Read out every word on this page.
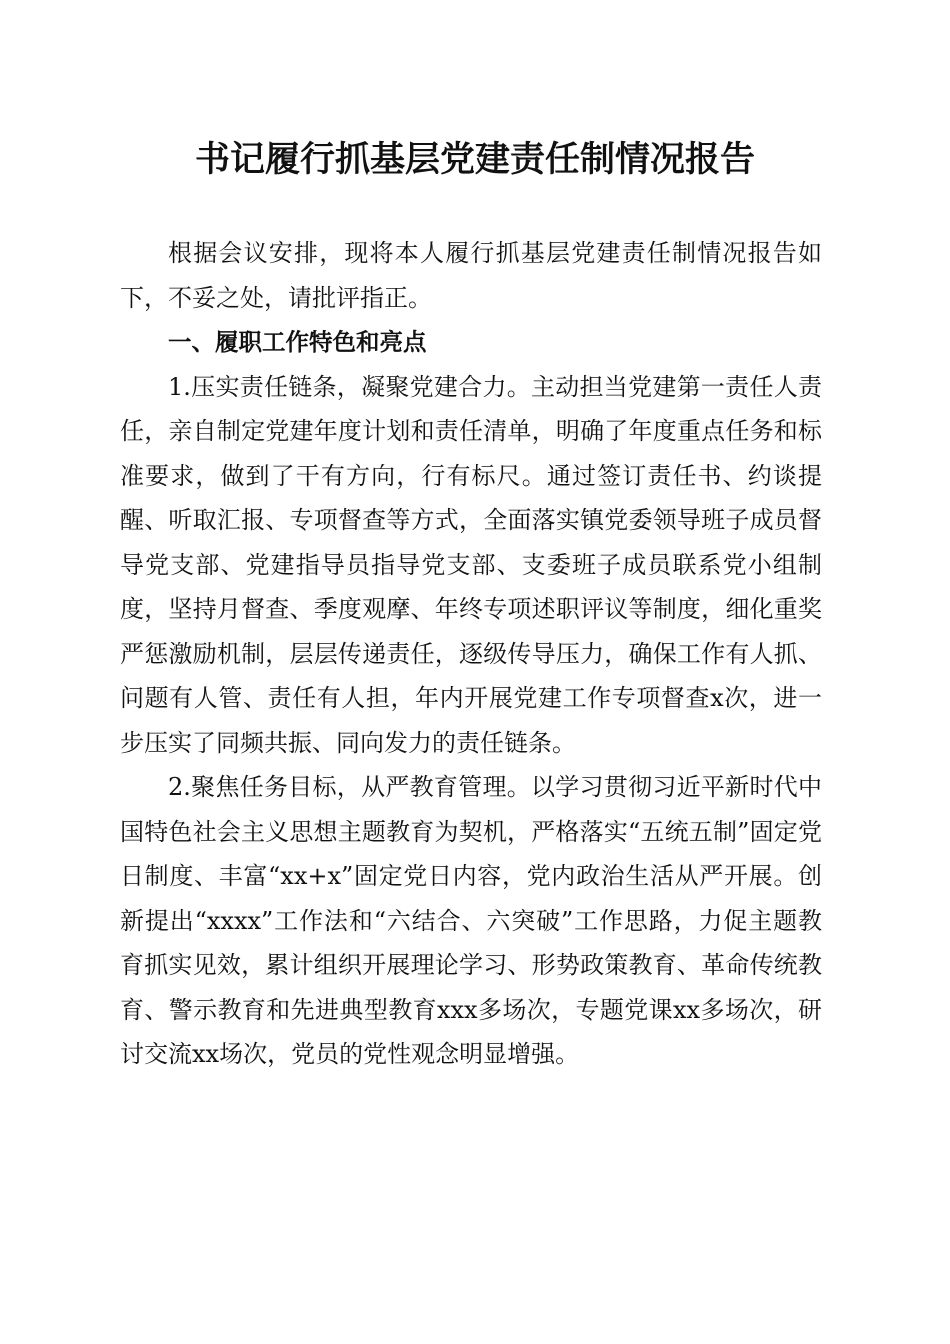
书记履行抓基层党建责任制情况报告

根据会议安排，现将本人履行抓基层党建责任制情况报告如下，不妥之处，请批评指正。

一、履职工作特色和亮点

1.压实责任链条，凝聚党建合力。主动担当党建第一责任人责任，亲自制定党建年度计划和责任清单，明确了年度重点任务和标准要求，做到了干有方向，行有标尺。通过签订责任书、约谈提醒、听取汇报、专项督查等方式，全面落实镇党委领导班子成员督导党支部、党建指导员指导党支部、支委班子成员联系党小组制度，坚持月督查、季度观摩、年终专项述职评议等制度，细化重奖严惩激励机制，层层传递责任，逐级传导压力，确保工作有人抓、问题有人管、责任有人担，年内开展党建工作专项督查x次，进一步压实了同频共振、同向发力的责任链条。

2.聚焦任务目标，从严教育管理。以学习贯彻习近平新时代中国特色社会主义思想主题教育为契机，严格落实“五统五制”固定党日制度、丰富“xx+x”固定党日内容，党内政治生活从严开展。创新提出“xxxx”工作法和“六结合、六突破”工作思路，力促主题教育抓实见效，累计组织开展理论学习、形势政策教育、革命传统教育、警示教育和先进典型教育xxx多场次，专题党课xx多场次，研讨交流xx场次，党员的党性观念明显增强。
